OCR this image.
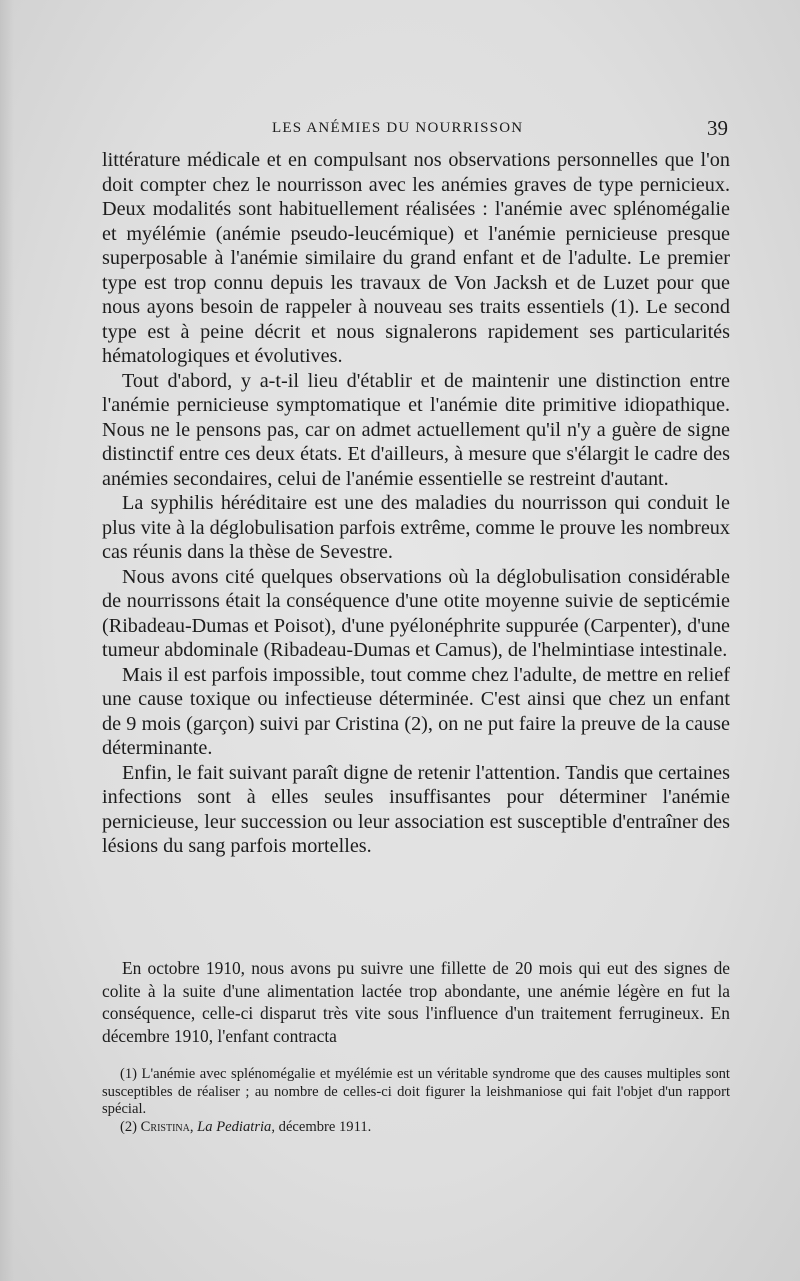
LES ANÉMIES DU NOURRISSON	39

littérature médicale et en compulsant nos observations personnelles que l'on doit compter chez le nourrisson avec les anémies graves de type pernicieux. Deux modalités sont habituellement réalisées : l'anémie avec splénomégalie et myélémie (anémie pseudo-leucémique) et l'anémie pernicieuse presque superposable à l'anémie similaire du grand enfant et de l'adulte. Le premier type est trop connu depuis les travaux de Von Jacksh et de Luzet pour que nous ayons besoin de rappeler à nouveau ses traits essentiels (1). Le second type est à peine décrit et nous signalerons rapidement ses particularités hématologiques et évolutives.

Tout d'abord, y a-t-il lieu d'établir et de maintenir une distinction entre l'anémie pernicieuse symptomatique et l'anémie dite primitive idiopathique. Nous ne le pensons pas, car on admet actuellement qu'il n'y a guère de signe distinctif entre ces deux états. Et d'ailleurs, à mesure que s'élargit le cadre des anémies secondaires, celui de l'anémie essentielle se restreint d'autant.

La syphilis héréditaire est une des maladies du nourrisson qui conduit le plus vite à la déglobulisation parfois extrême, comme le prouve les nombreux cas réunis dans la thèse de Sevestre.

Nous avons cité quelques observations où la déglobulisation considérable de nourrissons était la conséquence d'une otite moyenne suivie de septicémie (Ribadeau-Dumas et Poisot), d'une pyélonéphrite suppurée (Carpenter), d'une tumeur abdominale (Ribadeau-Dumas et Camus), de l'helmintiase intestinale.

Mais il est parfois impossible, tout comme chez l'adulte, de mettre en relief une cause toxique ou infectieuse déterminée. C'est ainsi que chez un enfant de 9 mois (garçon) suivi par Cristina (2), on ne put faire la preuve de la cause déterminante.

Enfin, le fait suivant paraît digne de retenir l'attention. Tandis que certaines infections sont à elles seules insuffisantes pour déterminer l'anémie pernicieuse, leur succession ou leur association est susceptible d'entraîner des lésions du sang parfois mortelles.

En octobre 1910, nous avons pu suivre une fillette de 20 mois qui eut des signes de colite à la suite d'une alimentation lactée trop abondante, une anémie légère en fut la conséquence, celle-ci disparut très vite sous l'influence d'un traitement ferrugineux. En décembre 1910, l'enfant contracta

(1) L'anémie avec splénomégalie et myélémie est un véritable syndrome que des causes multiples sont susceptibles de réaliser ; au nombre de celles-ci doit figurer la leishmaniose qui fait l'objet d'un rapport spécial.

(2) Cristina, La Pediatria, décembre 1911.
